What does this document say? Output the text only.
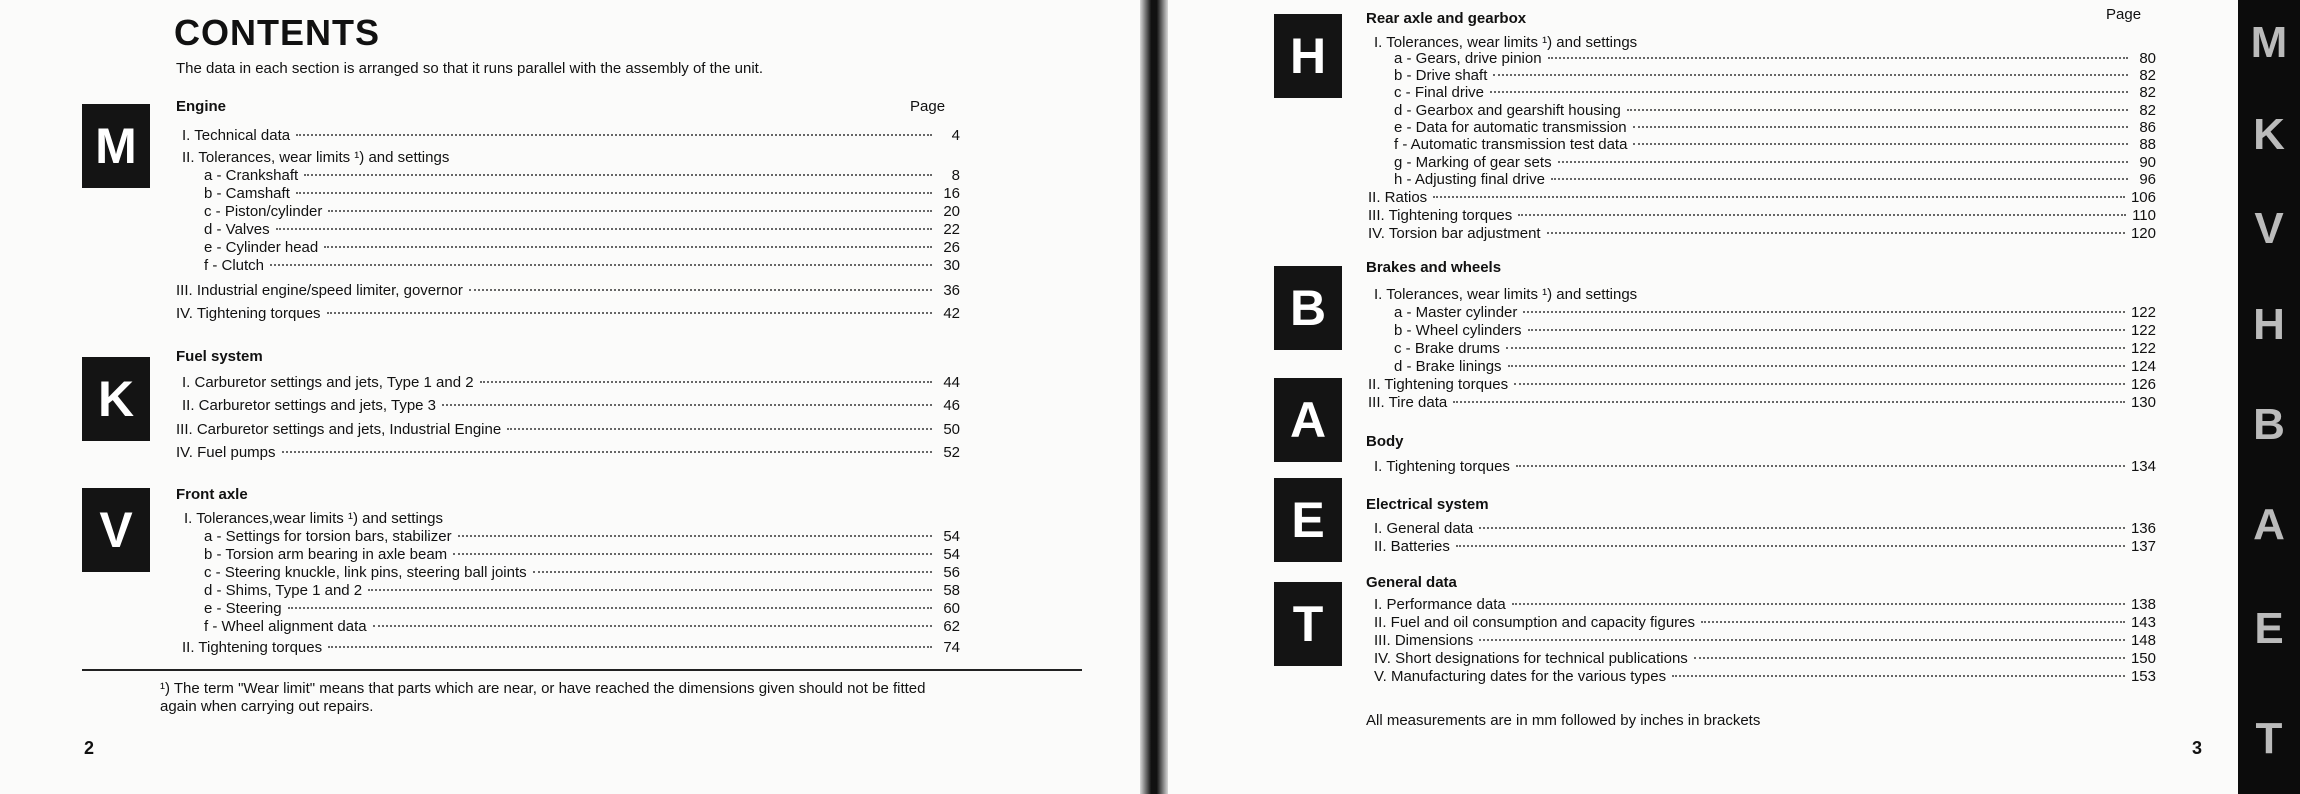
CONTENTS
The data in each section is arranged so that it runs parallel with the assembly of the unit.
Page
M
Engine
I. Technical data	4
II. Tolerances, wear limits ¹) and settings
a - Crankshaft	8
b - Camshaft	16
c - Piston/cylinder	20
d - Valves	22
e - Cylinder head	26
f - Clutch	30
III. Industrial engine/speed limiter, governor	36
IV. Tightening torques	42
K
Fuel system
I. Carburetor settings and jets, Type 1 and 2	44
II. Carburetor settings and jets, Type 3	46
III. Carburetor settings and jets, Industrial Engine	50
IV. Fuel pumps	52
V
Front axle
I. Tolerances,wear limits ¹) and settings
a - Settings for torsion bars, stabilizer	54
b - Torsion arm bearing in axle beam	54
c - Steering knuckle, link pins, steering ball joints	56
d - Shims, Type 1 and 2	58
e - Steering	60
f - Wheel alignment data	62
II. Tightening torques	74
¹) The term "Wear limit" means that parts which are near, or have reached the dimensions given should not be fitted again when carrying out repairs.
2
Page
H
Rear axle and gearbox
I. Tolerances, wear limits ¹) and settings
a - Gears, drive pinion	80
b - Drive shaft	82
c - Final drive	82
d - Gearbox and gearshift housing	82
e - Data for automatic transmission	86
f - Automatic transmission test data	88
g - Marking of gear sets	90
h - Adjusting final drive	96
II. Ratios	106
III. Tightening torques	110
IV. Torsion bar adjustment	120
B
Brakes and wheels
I. Tolerances, wear limits ¹) and settings
a - Master cylinder	122
b - Wheel cylinders	122
c - Brake drums	122
d - Brake linings	124
II. Tightening torques	126
III. Tire data	130
A	Body
I. Tightening torques	134
E	Electrical system
I. General data	136
II. Batteries	137
T
General data
I. Performance data	138
II. Fuel and oil consumption and capacity figures	143
III. Dimensions	148
IV. Short designations for technical publications	150
V. Manufacturing dates for the various types	153
3
All measurements are in mm followed by inches in brackets
M
K
V
H
B
A
E
T
